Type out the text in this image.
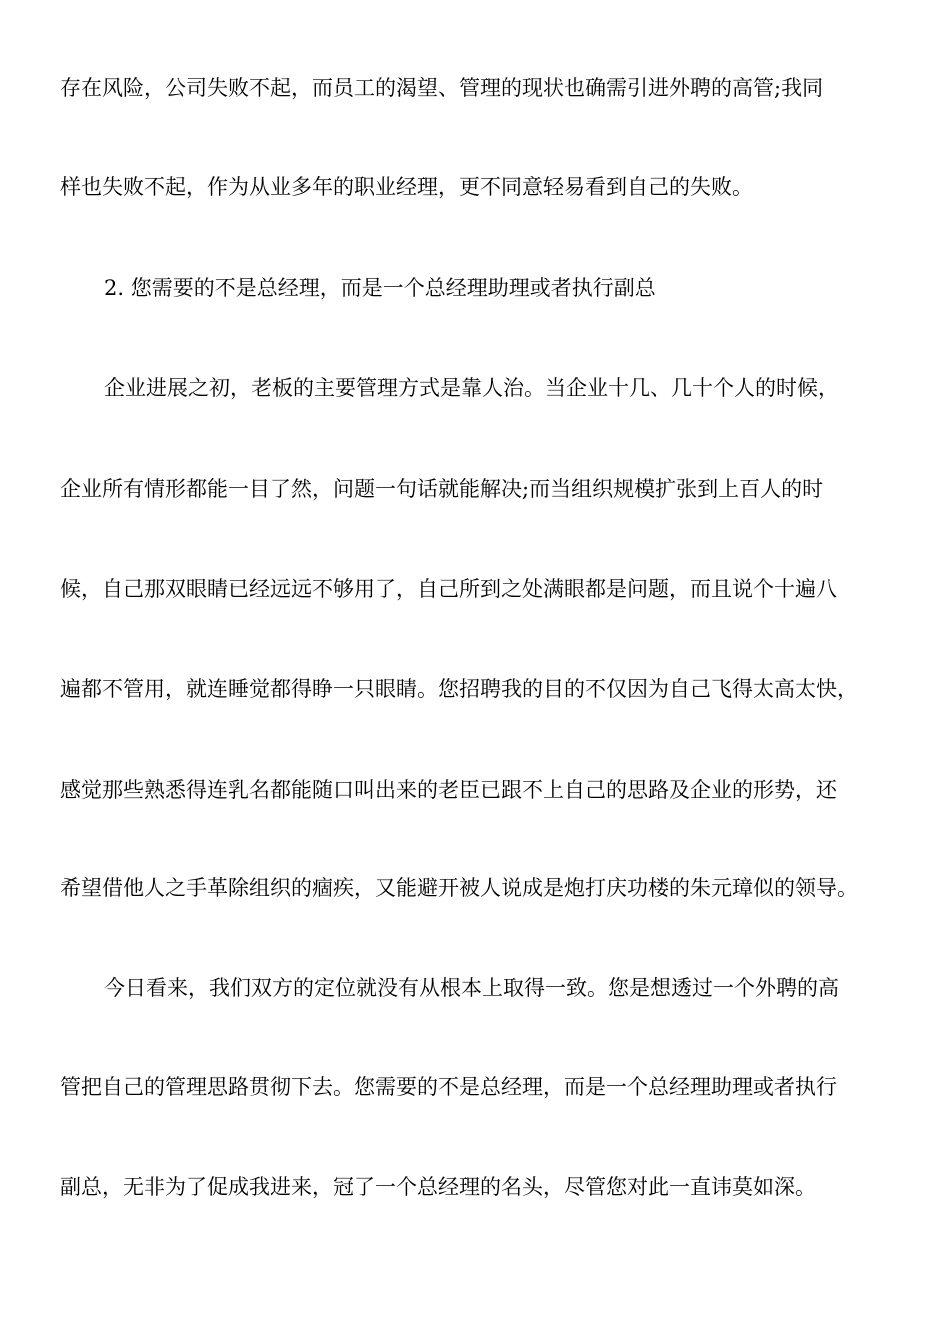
存在风险，公司失败不起，而员工的渴望、管理的现状也确需引进外聘的高管;我同
样也失败不起，作为从业多年的职业经理，更不同意轻易看到自己的失败。
2. 您需要的不是总经理，而是一个总经理助理或者执行副总
企业进展之初，老板的主要管理方式是靠人治。当企业十几、几十个人的时候，
企业所有情形都能一目了然，问题一句话就能解决;而当组织规模扩张到上百人的时
候，自己那双眼睛已经远远不够用了，自己所到之处满眼都是问题，而且说个十遍八
遍都不管用，就连睡觉都得睁一只眼睛。您招聘我的目的不仅因为自己飞得太高太快，
感觉那些熟悉得连乳名都能随口叫出来的老臣已跟不上自己的思路及企业的形势，还
希望借他人之手革除组织的痼疾，又能避开被人说成是炮打庆功楼的朱元璋似的领导。
今日看来，我们双方的定位就没有从根本上取得一致。您是想透过一个外聘的高
管把自己的管理思路贯彻下去。您需要的不是总经理，而是一个总经理助理或者执行
副总，无非为了促成我进来，冠了一个总经理的名头，尽管您对此一直讳莫如深。
